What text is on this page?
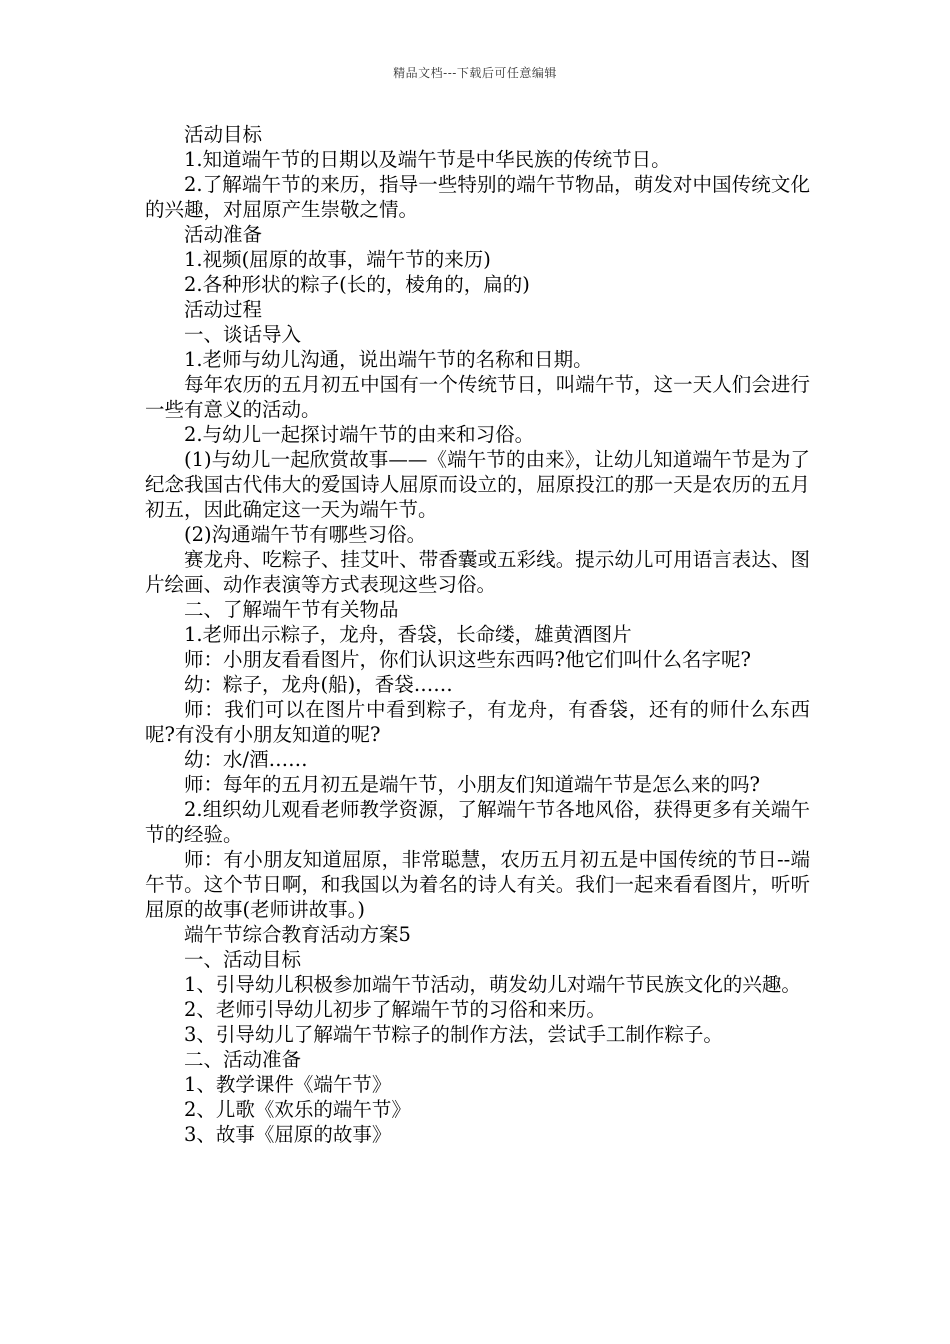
精品文档---下载后可任意编辑

活动目标

1.知道端午节的日期以及端午节是中华民族的传统节日。

2.了解端午节的来历，指导一些特别的端午节物品，萌发对中国传统文化的兴趣，对屈原产生崇敬之情。

活动准备

1.视频(屈原的故事，端午节的来历)

2.各种形状的粽子(长的，棱角的，扁的)

活动过程

一、谈话导入

1.老师与幼儿沟通，说出端午节的名称和日期。

每年农历的五月初五中国有一个传统节日，叫端午节，这一天人们会进行一些有意义的活动。

2.与幼儿一起探讨端午节的由来和习俗。

(1)与幼儿一起欣赏故事——《端午节的由来》，让幼儿知道端午节是为了纪念我国古代伟大的爱国诗人屈原而设立的，屈原投江的那一天是农历的五月初五，因此确定这一天为端午节。

(2)沟通端午节有哪些习俗。

赛龙舟、吃粽子、挂艾叶、带香囊或五彩线。提示幼儿可用语言表达、图片绘画、动作表演等方式表现这些习俗。

二、了解端午节有关物品

1.老师出示粽子，龙舟，香袋，长命缕，雄黄酒图片

师：小朋友看看图片，你们认识这些东西吗?他它们叫什么名字呢?

幼：粽子，龙舟(船)，香袋……

师：我们可以在图片中看到粽子，有龙舟，有香袋，还有的师什么东西呢?有没有小朋友知道的呢?

幼：水/酒……

师：每年的五月初五是端午节，小朋友们知道端午节是怎么来的吗?

2.组织幼儿观看老师教学资源，了解端午节各地风俗，获得更多有关端午节的经验。

师：有小朋友知道屈原，非常聪慧，农历五月初五是中国传统的节日--端午节。这个节日啊，和我国以为着名的诗人有关。我们一起来看看图片，听听屈原的故事(老师讲故事。)

端午节综合教育活动方案5

一、活动目标

1、引导幼儿积极参加端午节活动，萌发幼儿对端午节民族文化的兴趣。

2、老师引导幼儿初步了解端午节的习俗和来历。

3、引导幼儿了解端午节粽子的制作方法，尝试手工制作粽子。

二、活动准备

1、教学课件《端午节》

2、儿歌《欢乐的端午节》

3、故事《屈原的故事》
